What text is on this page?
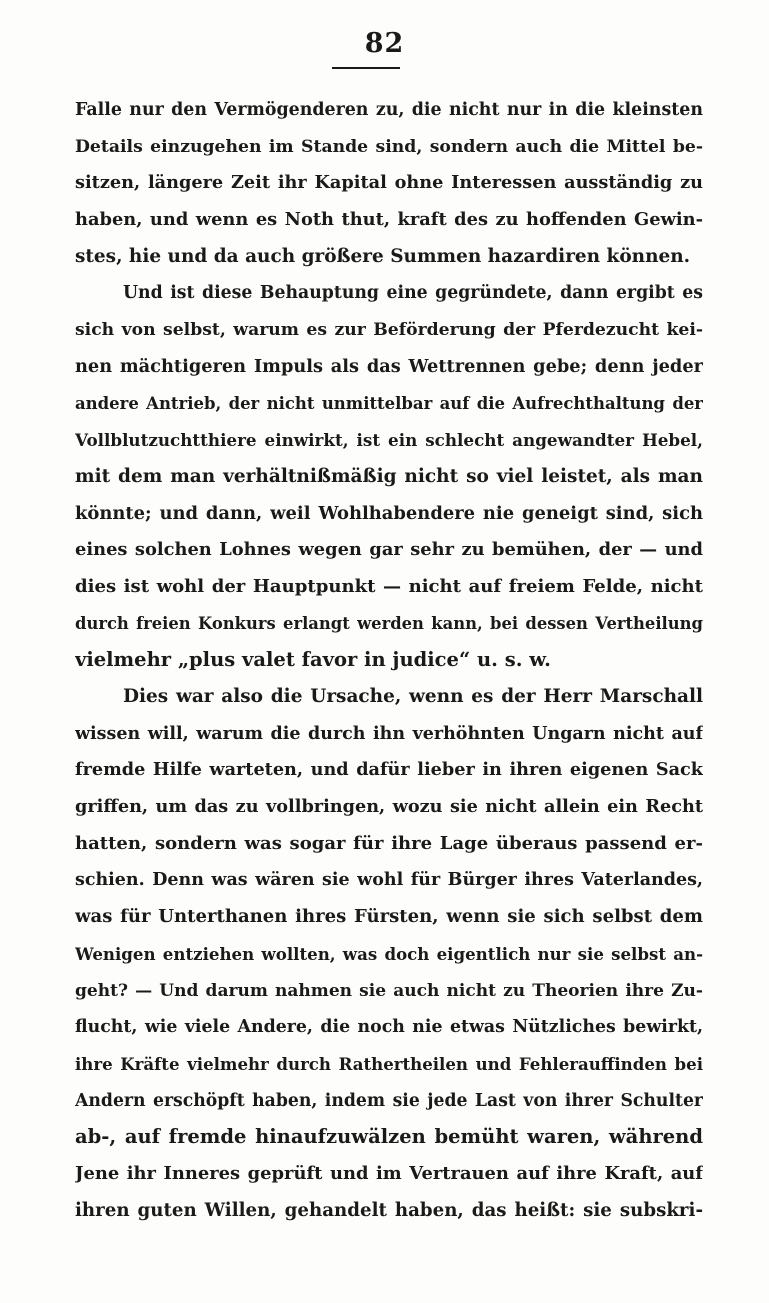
82
Falle nur den Vermögenderen zu, die nicht nur in die kleinsten
Details einzugehen im Stande sind, sondern auch die Mittel be-
sitzen, längere Zeit ihr Kapital ohne Interessen ausständig zu
haben, und wenn es Noth thut, kraft des zu hoffenden Gewin-
stes, hie und da auch größere Summen hazardiren können.
Und ist diese Behauptung eine gegründete, dann ergibt es
sich von selbst, warum es zur Beförderung der Pferdezucht kei-
nen mächtigeren Impuls als das Wettrennen gebe; denn jeder
andere Antrieb, der nicht unmittelbar auf die Aufrechthaltung der
Vollblutzuchtthiere einwirkt, ist ein schlecht angewandter Hebel,
mit dem man verhältnißmäßig nicht so viel leistet, als man
könnte; und dann, weil Wohlhabendere nie geneigt sind, sich
eines solchen Lohnes wegen gar sehr zu bemühen, der — und
dies ist wohl der Hauptpunkt — nicht auf freiem Felde, nicht
durch freien Konkurs erlangt werden kann, bei dessen Vertheilung
vielmehr „plus valet favor in judice“ u. s. w.
Dies war also die Ursache, wenn es der Herr Marschall
wissen will, warum die durch ihn verhöhnten Ungarn nicht auf
fremde Hilfe warteten, und dafür lieber in ihren eigenen Sack
griffen, um das zu vollbringen, wozu sie nicht allein ein Recht
hatten, sondern was sogar für ihre Lage überaus passend er-
schien. Denn was wären sie wohl für Bürger ihres Vaterlandes,
was für Unterthanen ihres Fürsten, wenn sie sich selbst dem
Wenigen entziehen wollten, was doch eigentlich nur sie selbst an-
geht? — Und darum nahmen sie auch nicht zu Theorien ihre Zu-
flucht, wie viele Andere, die noch nie etwas Nützliches bewirkt,
ihre Kräfte vielmehr durch Rathertheilen und Fehlerauffinden bei
Andern erschöpft haben, indem sie jede Last von ihrer Schulter
ab-, auf fremde hinaufzuwälzen bemüht waren, während
Jene ihr Inneres geprüft und im Vertrauen auf ihre Kraft, auf
ihren guten Willen, gehandelt haben, das heißt: sie subskri-
